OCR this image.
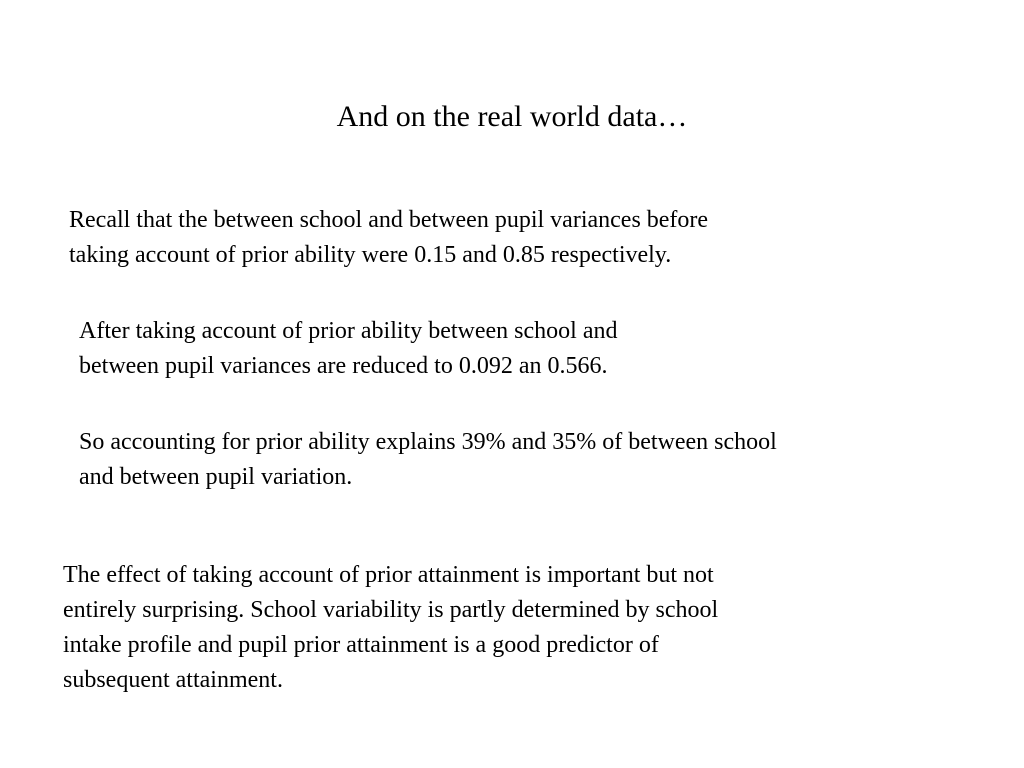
And on the real world data…

Recall that the between school and between pupil variances before
taking account of prior ability were 0.15 and 0.85 respectively.

After taking account of prior ability between school and
between pupil variances are reduced to 0.092 an 0.566.

So accounting for prior ability explains 39% and 35% of between school
and between pupil variation.

The effect of taking account of prior attainment is important but not
entirely surprising. School variability is partly determined by school
intake profile and pupil prior attainment is a good predictor of
subsequent attainment.
